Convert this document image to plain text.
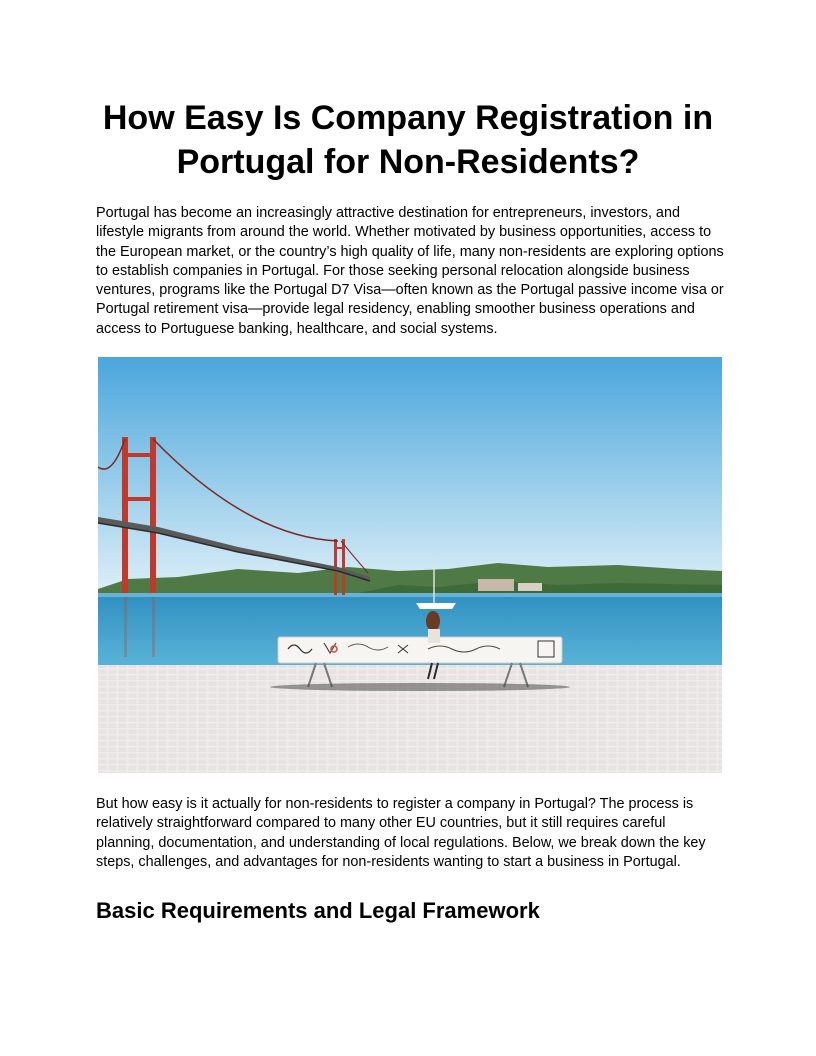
How Easy Is Company Registration in Portugal for Non-Residents?

Portugal has become an increasingly attractive destination for entrepreneurs, investors, and lifestyle migrants from around the world. Whether motivated by business opportunities, access to the European market, or the country’s high quality of life, many non-residents are exploring options to establish companies in Portugal. For those seeking personal relocation alongside business ventures, programs like the Portugal D7 Visa—often known as the Portugal passive income visa or Portugal retirement visa—provide legal residency, enabling smoother business operations and access to Portuguese banking, healthcare, and social systems.

But how easy is it actually for non-residents to register a company in Portugal? The process is relatively straightforward compared to many other EU countries, but it still requires careful planning, documentation, and understanding of local regulations. Below, we break down the key steps, challenges, and advantages for non-residents wanting to start a business in Portugal.

Basic Requirements and Legal Framework
